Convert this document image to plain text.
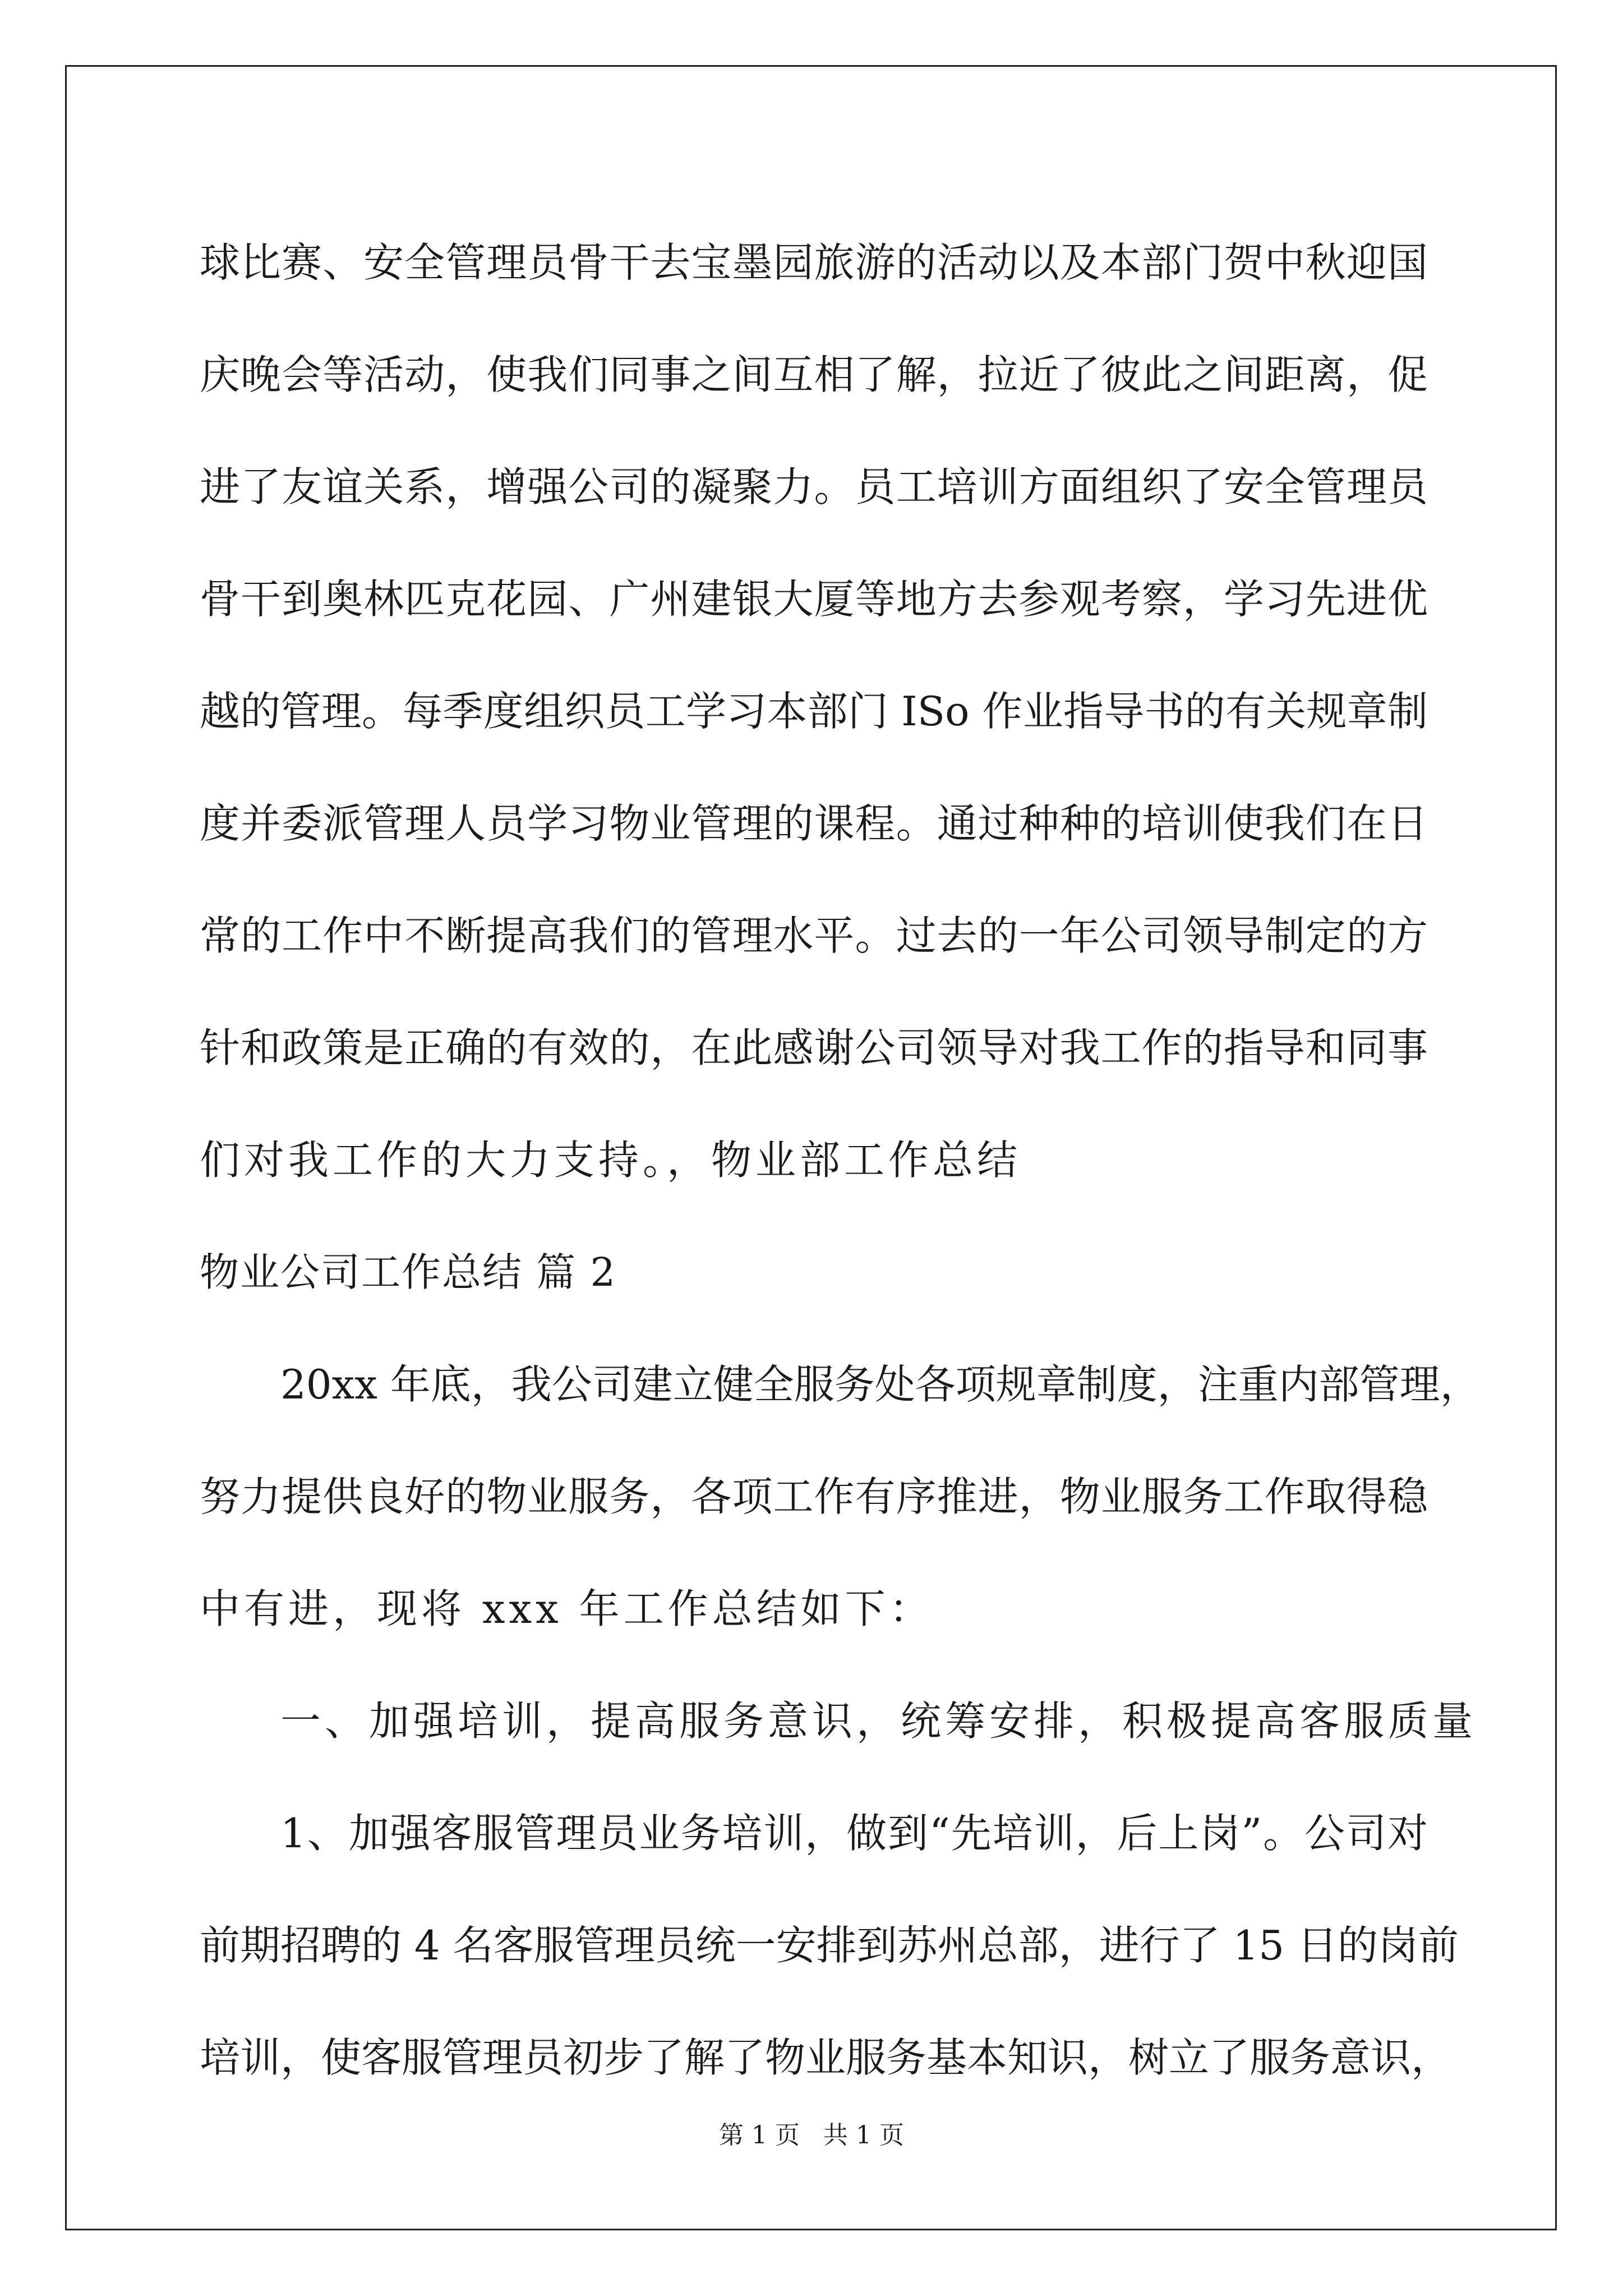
球比赛、安全管理员骨干去宝墨园旅游的活动以及本部门贺中秋迎国
庆晚会等活动，使我们同事之间互相了解，拉近了彼此之间距离，促
进了友谊关系，增强公司的凝聚力。员工培训方面组织了安全管理员
骨干到奥林匹克花园、广州建银大厦等地方去参观考察，学习先进优
越的管理。每季度组织员工学习本部门 ISo 作业指导书的有关规章制
度并委派管理人员学习物业管理的课程。通过种种的培训使我们在日
常的工作中不断提高我们的管理水平。过去的一年公司领导制定的方
针和政策是正确的有效的，在此感谢公司领导对我工作的指导和同事
们对我工作的大力支持。，物业部工作总结
物业公司工作总结 篇 2
20xx 年底，我公司建立健全服务处各项规章制度，注重内部管理，
努力提供良好的物业服务，各项工作有序推进，物业服务工作取得稳
中有进，现将 xxx 年工作总结如下：
一、加强培训，提高服务意识，统筹安排，积极提高客服质量
1、加强客服管理员业务培训，做到“先培训，后上岗”。公司对
前期招聘的 4 名客服管理员统一安排到苏州总部，进行了 15 日的岗前
培训，使客服管理员初步了解了物业服务基本知识，树立了服务意识，
第 1 页 共 1 页
